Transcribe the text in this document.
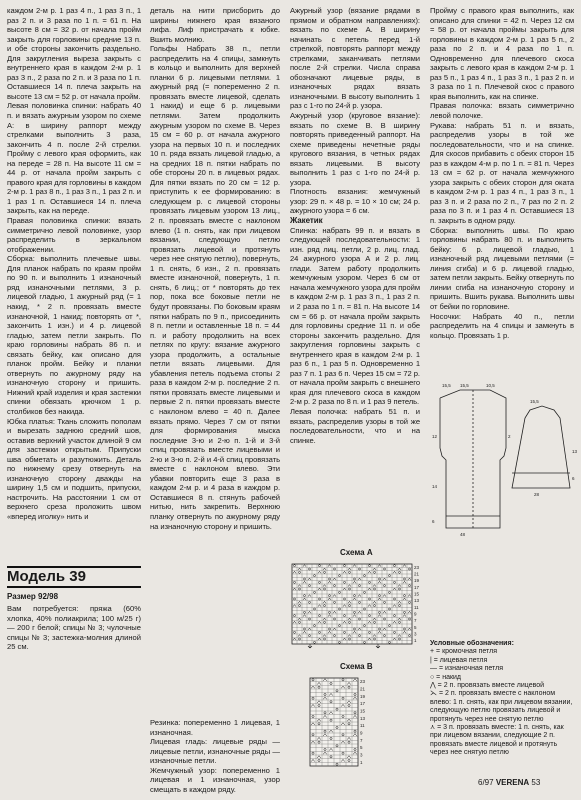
каждом 2-м р. 1 раз 4 п., 1 раз 3 п., 1 раз 2 п. и 3 раза по 1 п. = 61 п. На высоте 8 см = 32 р. от начала пройм закрыть для горловины средние 13 п. и обе стороны закончить раздельно. Для закругления выреза закрыть с внутреннего края в каждом 2-м р. 1 раз 3 п., 2 раза по 2 п. и 3 раза по 1 п. Оставшиеся 14 п. плеча закрыть на высоте 13 см = 52 р. от начала пройм.

Левая половинка спинки: набрать 40 п. и вязать ажурным узором по схеме А: в ширину раппорт между стрелками выполнить 3 раза, закончить 4 п. после 2-й стрелки. Пройму с левого края оформить, как на переде = 28 п. На высоте 11 см = 44 р. от начала пройм закрыть с правого края для горловины в каждом 2-м р. 1 раз 8 п., 1 раз 3 п., 1 раз 2 п. и 1 раз 1 п. Оставшиеся 14 п. плеча закрыть, как на переде.

Правая половинка спинки: вязать симметрично левой половинке, узор распределить в зеркальном отображении.

Сборка: выполнить плечевые швы. Для планок набрать по краям пройм по 90 п. и выполнить 1 изнаночный ряд изнаночными петлями, 3 р. лицевой гладью, 1 ажурный ряд (= 1 накид, * 2 п. провязать вместе изнаночной, 1 накид; повторять от *, закончить 1 изн.) и 4 р. лицевой гладью, затем петли закрыть. По краю горловины набрать 86 п. и связать бейку, как описано для планок пройм. Бейку и планки отвернуть по ажурному ряду на изнаночную сторону и пришить. Нижний край изделия и края застежки спинки обвязать крючком 1 р. столбиков без накида.

Юбка платья: Ткань сложить пополам и вырезать заднюю средний шов, оставив верхний участок длиной 9 см для застежки открытым. Припуски шва обметать и разутюжить. Деталь по нижнему срезу отвернуть на изнаночную сторону дважды на ширину 1,5 см и подшить, припуски, настрочить. На расстоянии 1 см от верхнего среза проложить швом «вперед иголку» нить и

деталь на нити присборить до ширины нижнего края вязаного лифа. Лиф пристрачать к юбке. Вшить молнию.

Гольфы Набрать 38 п., петли распределить на 4 спицы, замкнуть в кольцо и выполнить для верхней планки 6 р. лицевыми петлями. 1 ажурный ряд (= попеременно 2 п. провязать вместе лицевой, сделать 1 накид) и еще 6 р. лицевыми петлями. Затем продолжить ажурным узором по схеме В. Через 15 см = 60 р. от начала ажурного узора на первых 10 п. и последних 10 п. ряда вязать лицевой гладью, а на средних 18 п. пятки набрать по обе стороны 20 п. в лицевых рядах. Для пятки вязать по 20 см = 12 р. приступить к ее формированию: в следующем р. с лицевой стороны провязать лицевым узором 13 лиц., 2 п. провязать вместе с наклоном влево (1 п. снять, как при лицевом вязании, следующую петлю провязать лицевой и протянуть через нее снятую петлю), повернуть, 1 п. снять, 6 изн., 2 п. провязать вместе изнаночной, повернуть, 1 п. снять, 6 лиц.; от * повторять до тех пор, пока все боковые петли не будут провязаны. По боковым краям пятки набрать по 9 п., присоединить 8 п. петли и оставленные 18 п. = 44 п. и работу продолжить на всех петлях по кругу: вязание ажурного узора продолжить, а остальные петли вязать лицевыми. Для убавления петель подъема стопы 2 раза в каждом 2-м р. последние 2 п. пятки провязать вместе лицевыми и первые 2 п. пятки провязать вместе с наклоном влево = 40 п. Далее вязать прямо. Через 7 см от пятки для формирования мыска последние 3-ю и 2-ю п. 1-й и 3-й спиц провязать вместе лицевыми и 2-ю и 3-ю п. 2-й и 4-й спиц провязать вместе с наклоном влево. Эти убавки повторить еще 3 раза в каждом 2-м р. и 4 раза в каждом р. Оставшиеся 8 п. стянуть рабочей нитью, нить закрепить. Верхнюю планку отвернуть по ажурному ряду на изнаночную сторону и пришить.

Ажурный узор (вязание рядами в прямом и обратном направлениях): вязать по схеме А. В ширину начинать с петель перед 1-й стрелкой, повторять раппорт между стрелками, заканчивать петлями после 2-й стрелки. Числа справа обозначают лицевые ряды, в изнаночных рядах вязать изнаночными. В высоту выполнить 1 раз с 1-го по 24-й р. узора.

Ажурный узор (круговое вязание): вязать по схеме В. В ширину повторять приведенный раппорт. На схеме приведены нечетные ряды кругового вязания, в четных рядах вязать лицевыми. В высоту выполнить 1 раз с 1-го по 24-й р. узора.

Плотность вязания: жемчужный узор: 29 п. × 48 р. = 10 × 10 см; 24 р. ажурного узора = 6 см.

Жакетик

Спинка: набрать 99 п. и вязать в следующей последовательности: 1 изн. ряд лиц. петли, 2 р. лиц. глад. 24 ажурного узора А и 2 р. лиц. глади. Затем работу продолжить жемчужным узором. Через 6 см от начала жемчужного узора для пройм в каждом 2-м р. 1 раз 3 п., 1 раз 2 п. и 2 раза по 1 п. = 81 п. На высоте 14 см = 66 р. от начала пройм закрыть для горловины средние 11 п. и обе стороны закончить раздельно. Для закругления горловины закрыть с внутреннего края в каждом 2-м р. 1 раз 6 п., 1 раз 5 п. Одновременно 1 раз 7 п. 1 раз 6 п. Через 15 см = 72 р. от начала пройм закрыть с внешнего края для плечевого скоса в каждом 2-м р. 2 раза по 8 п. и 1 раз 9 петель.

Левая полочка: набрать 51 п. и вязать, распределив узоры в той же последовательности, что и на спинке.

Пройму с правого края выполнить, как описано для спинки = 42 п. Через 12 см = 58 р. от начала проймы закрыть для горловины в каждом 2-м р. 1 раз 5 п., 2 раза по 2 п. и 4 раза по 1 п. Одновременно для плечевого скоса закрыть с левого края в каждом 2-м р. 1 раз 5 п., 1 раз 4 п., 1 раз 3 п., 1 раз 2 п. и 3 раза по 1 п. Плечевой скос с правого края выполнить, как на спинке.

Правая полочка: вязать симметрично левой полочке.

Рукава: набрать 51 п. и вязать, распределив узоры в той же последовательности, что и на спинке. Для скосов прибавить с обеих сторон 15 раз в каждом 4-м р. по 1 п. = 81 п. Через 13 см = 62 р. от начала жемчужного узора закрыть с обеих сторон для оката в каждом 2-м р. 1 раз 4 п., 1 раз 3 п., 1 раз 3 п. и 2 раза по 2 п., 7 раз по 2 п. 2 раза по 3 п. и 1 раз 4 п. Оставшиеся 13 п. закрыть в одном ряду.

Сборка: выполнить швы. По краю горловины набрать 80 п. и выполнить бейку: 6 р. лицевой гладью, 1 изнаночный ряд лицевыми петлями (= линия сгиба) и 6 р. лицевой гладью, затем петли закрыть. Бейку отвернуть по линии сгиба на изнаночную сторону и пришить. Вшить рукава. Выполнить швы от бейки по горловине.

Носочки: Набрать 40 п., петли распределить на 4 спицы и замкнуть в кольцо. Провязать 1 р.

Модель 39
Размер 92/98
Вам потребуется: пряжа (60% хлопка, 40% полиакрила; 100 м/25 г) — 200 г белой; спицы № 3; чулочные спицы № 3; застежка-молния длиной 25 см.

Резинка: попеременно 1 лицевая, 1 изнаночная.

Лицевая гладь: лицевые ряды — лицевые петли, изнаночные ряды — изнаночные петли.

Жемчужный узор: попеременно 1 лицевая и 1 изнаночная, узор смещать в каждом ряду.

15,5 15,5	10,5
15,5
12
14
6
2
48
28
13
6
Схема А
23
21
19
17
15
13
11
9
7
5
3
1
Схема В
23
21
19
17
15
13
11
9
7
5
3
1

Условные обозначения:

+ = кромочная петля

| = лицевая петля

— = изнаночная петля

○ = накид

⋀ = 2 п. провязать вместе лицевой

⋋ = 2 п. провязать вместе с наклоном влево: 1 п. снять, как при лицевом вязании, следующую петлю провязать лицевой и протянуть через нее снятую петлю

⋏ = 3 п. провязать вместе: 1 п. снять, как при лицевом вязании, следующие 2 п. провязать вместе лицевой и протянуть через нее снятую петлю

6/97 VERENA 53
